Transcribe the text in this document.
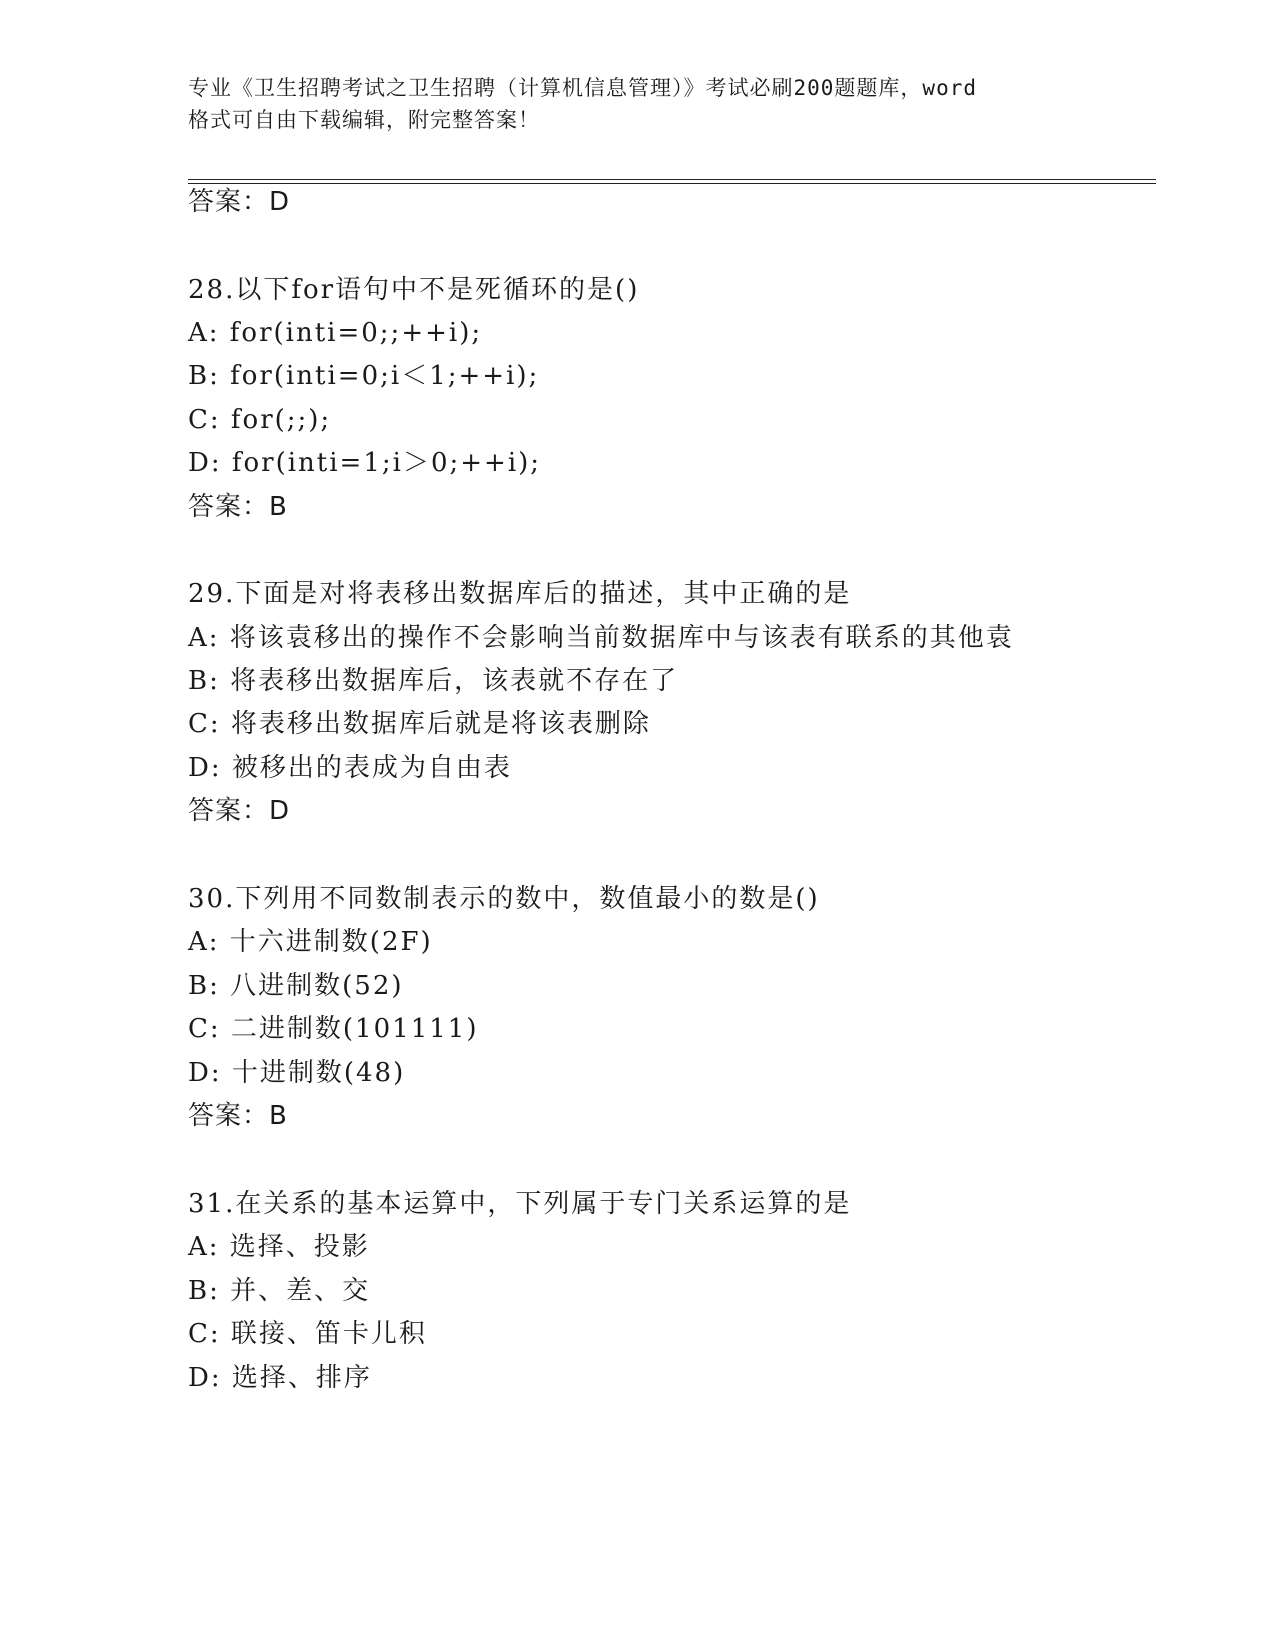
专业《卫生招聘考试之卫生招聘（计算机信息管理）》考试必刷200题题库，word
格式可自由下载编辑，附完整答案！
答案：D
28.以下for语句中不是死循环的是()
A: for(inti=0;;++i);
B: for(inti=0;i＜1;++i);
C: for(;;);
D: for(inti=1;i＞0;++i);
答案：B
29.下面是对将表移出数据库后的描述，其中正确的是
A: 将该袁移出的操作不会影响当前数据库中与该表有联系的其他袁
B: 将表移出数据库后，该表就不存在了
C: 将表移出数据库后就是将该表删除
D: 被移出的表成为自由表
答案：D
30.下列用不同数制表示的数中，数值最小的数是()
A: 十六进制数(2F)
B: 八进制数(52)
C: 二进制数(101111)
D: 十进制数(48)
答案：B
31.在关系的基本运算中，下列属于专门关系运算的是
A: 选择、投影
B: 并、差、交
C: 联接、笛卡儿积
D: 选择、排序
